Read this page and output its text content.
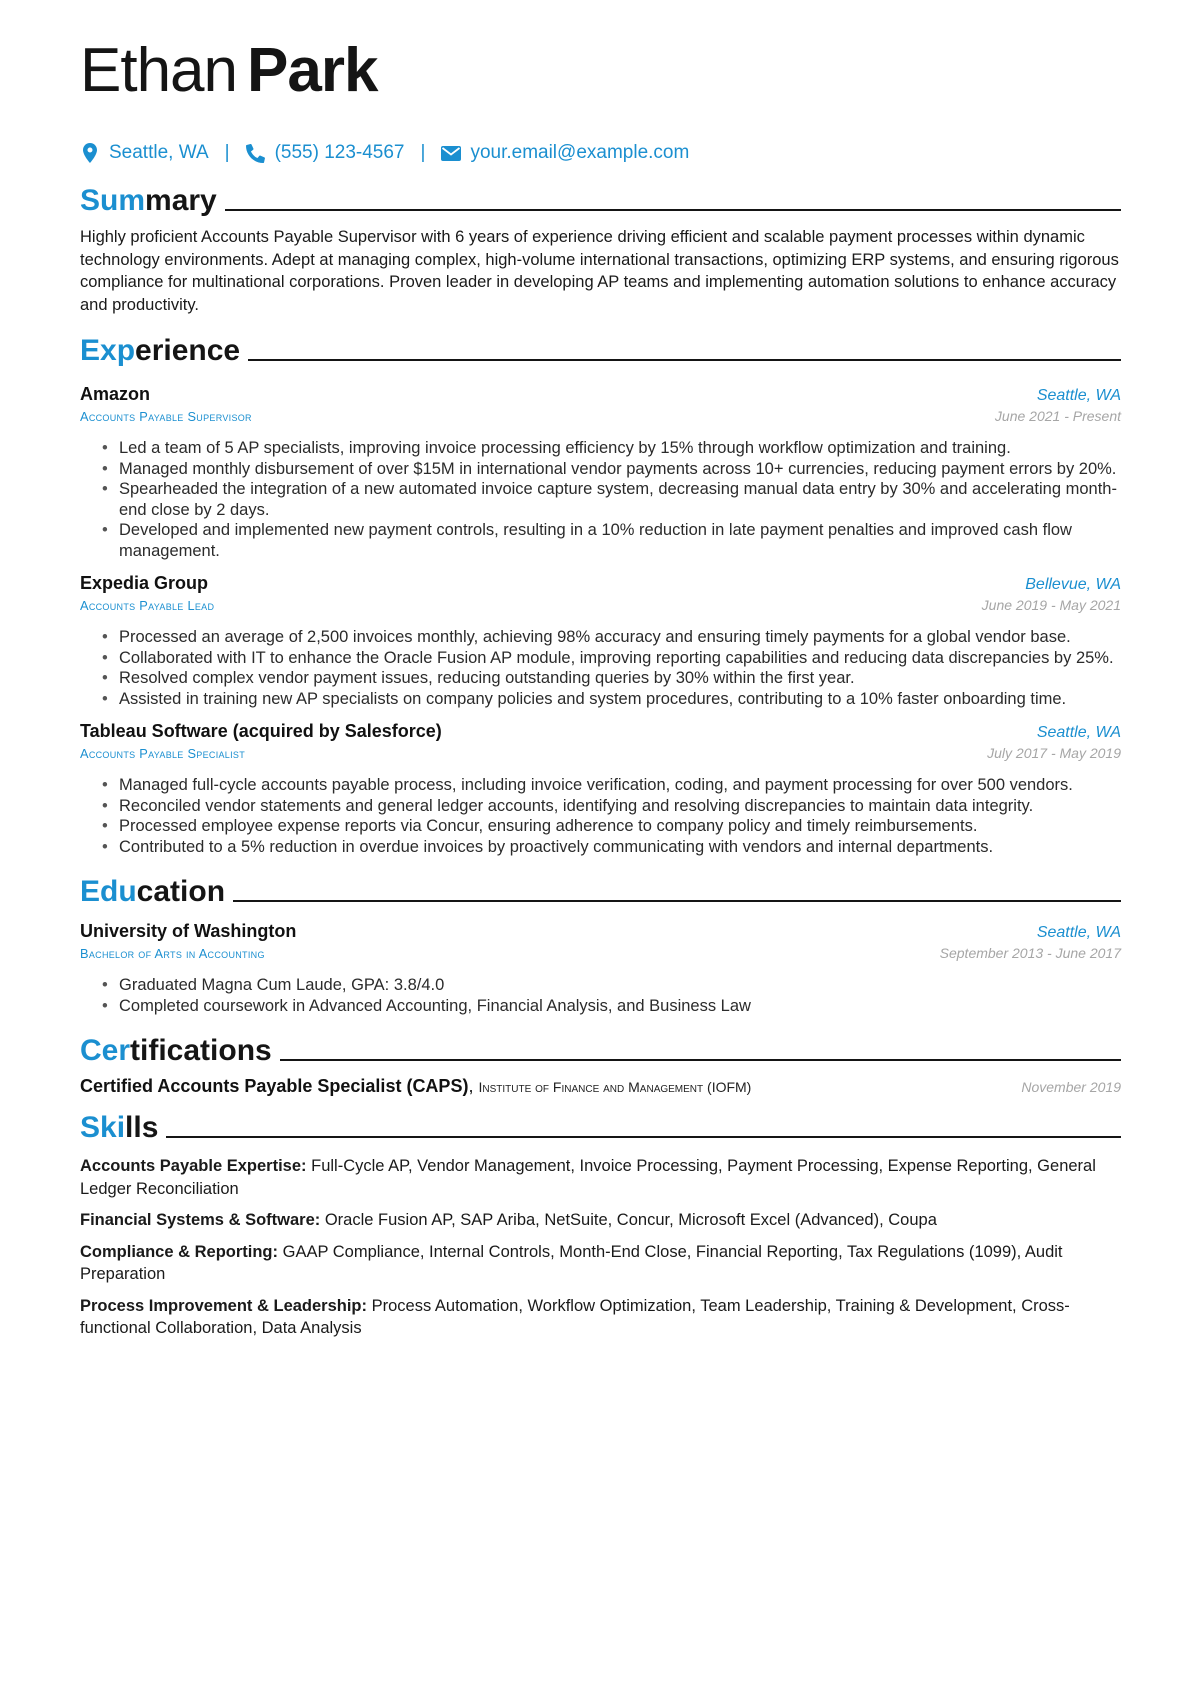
Ethan Park
Seattle, WA | (555) 123-4567 | your.email@example.com
Sum mary

Highly proficient Accounts Payable Supervisor with 6 years of experience driving efficient and scalable payment processes within dynamic technology environments. Adept at managing complex, high-volume international transactions, optimizing ERP systems, and ensuring rigorous compliance for multinational corporations. Proven leader in developing AP teams and implementing automation solutions to enhance accuracy and productivity.

Exp erience
Amazon	Seattle, WA
Accounts Payable Supervisor	June 2021 - Present
• Led a team of 5 AP specialists, improving invoice processing efficiency by 15% through workflow optimization and training.
• Managed monthly disbursement of over $15M in international vendor payments across 10+ currencies, reducing payment errors by 20%.
• Spearheaded the integration of a new automated invoice capture system, decreasing manual data entry by 30% and accelerating month-end close by 2 days.
• Developed and implemented new payment controls, resulting in a 10% reduction in late payment penalties and improved cash flow management.
Expedia Group	Bellevue, WA
Accounts Payable Lead	June 2019 - May 2021
• Processed an average of 2,500 invoices monthly, achieving 98% accuracy and ensuring timely payments for a global vendor base.
• Collaborated with IT to enhance the Oracle Fusion AP module, improving reporting capabilities and reducing data discrepancies by 25%.
• Resolved complex vendor payment issues, reducing outstanding queries by 30% within the first year.
• Assisted in training new AP specialists on company policies and system procedures, contributing to a 10% faster onboarding time.
Tableau Software (acquired by Salesforce)	Seattle, WA
Accounts Payable Specialist	July 2017 - May 2019
• Managed full-cycle accounts payable process, including invoice verification, coding, and payment processing for over 500 vendors.
• Reconciled vendor statements and general ledger accounts, identifying and resolving discrepancies to maintain data integrity.
• Processed employee expense reports via Concur, ensuring adherence to company policy and timely reimbursements.
• Contributed to a 5% reduction in overdue invoices by proactively communicating with vendors and internal departments.
Edu cation
University of Washington	Seattle, WA
Bachelor of Arts in Accounting	September 2013 - June 2017
• Graduated Magna Cum Laude, GPA: 3.8/4.0
• Completed coursework in Advanced Accounting, Financial Analysis, and Business Law
Cer tifications
Certified Accounts Payable Specialist (CAPS), Institute of Finance and Management (IOFM)	November 2019
Ski lls

Accounts Payable Expertise: Full-Cycle AP, Vendor Management, Invoice Processing, Payment Processing, Expense Reporting, General Ledger Reconciliation

Financial Systems & Software: Oracle Fusion AP, SAP Ariba, NetSuite, Concur, Microsoft Excel (Advanced), Coupa

Compliance & Reporting: GAAP Compliance, Internal Controls, Month-End Close, Financial Reporting, Tax Regulations (1099), Audit Preparation

Process Improvement & Leadership: Process Automation, Workflow Optimization, Team Leadership, Training & Development, Cross-functional Collaboration, Data Analysis
